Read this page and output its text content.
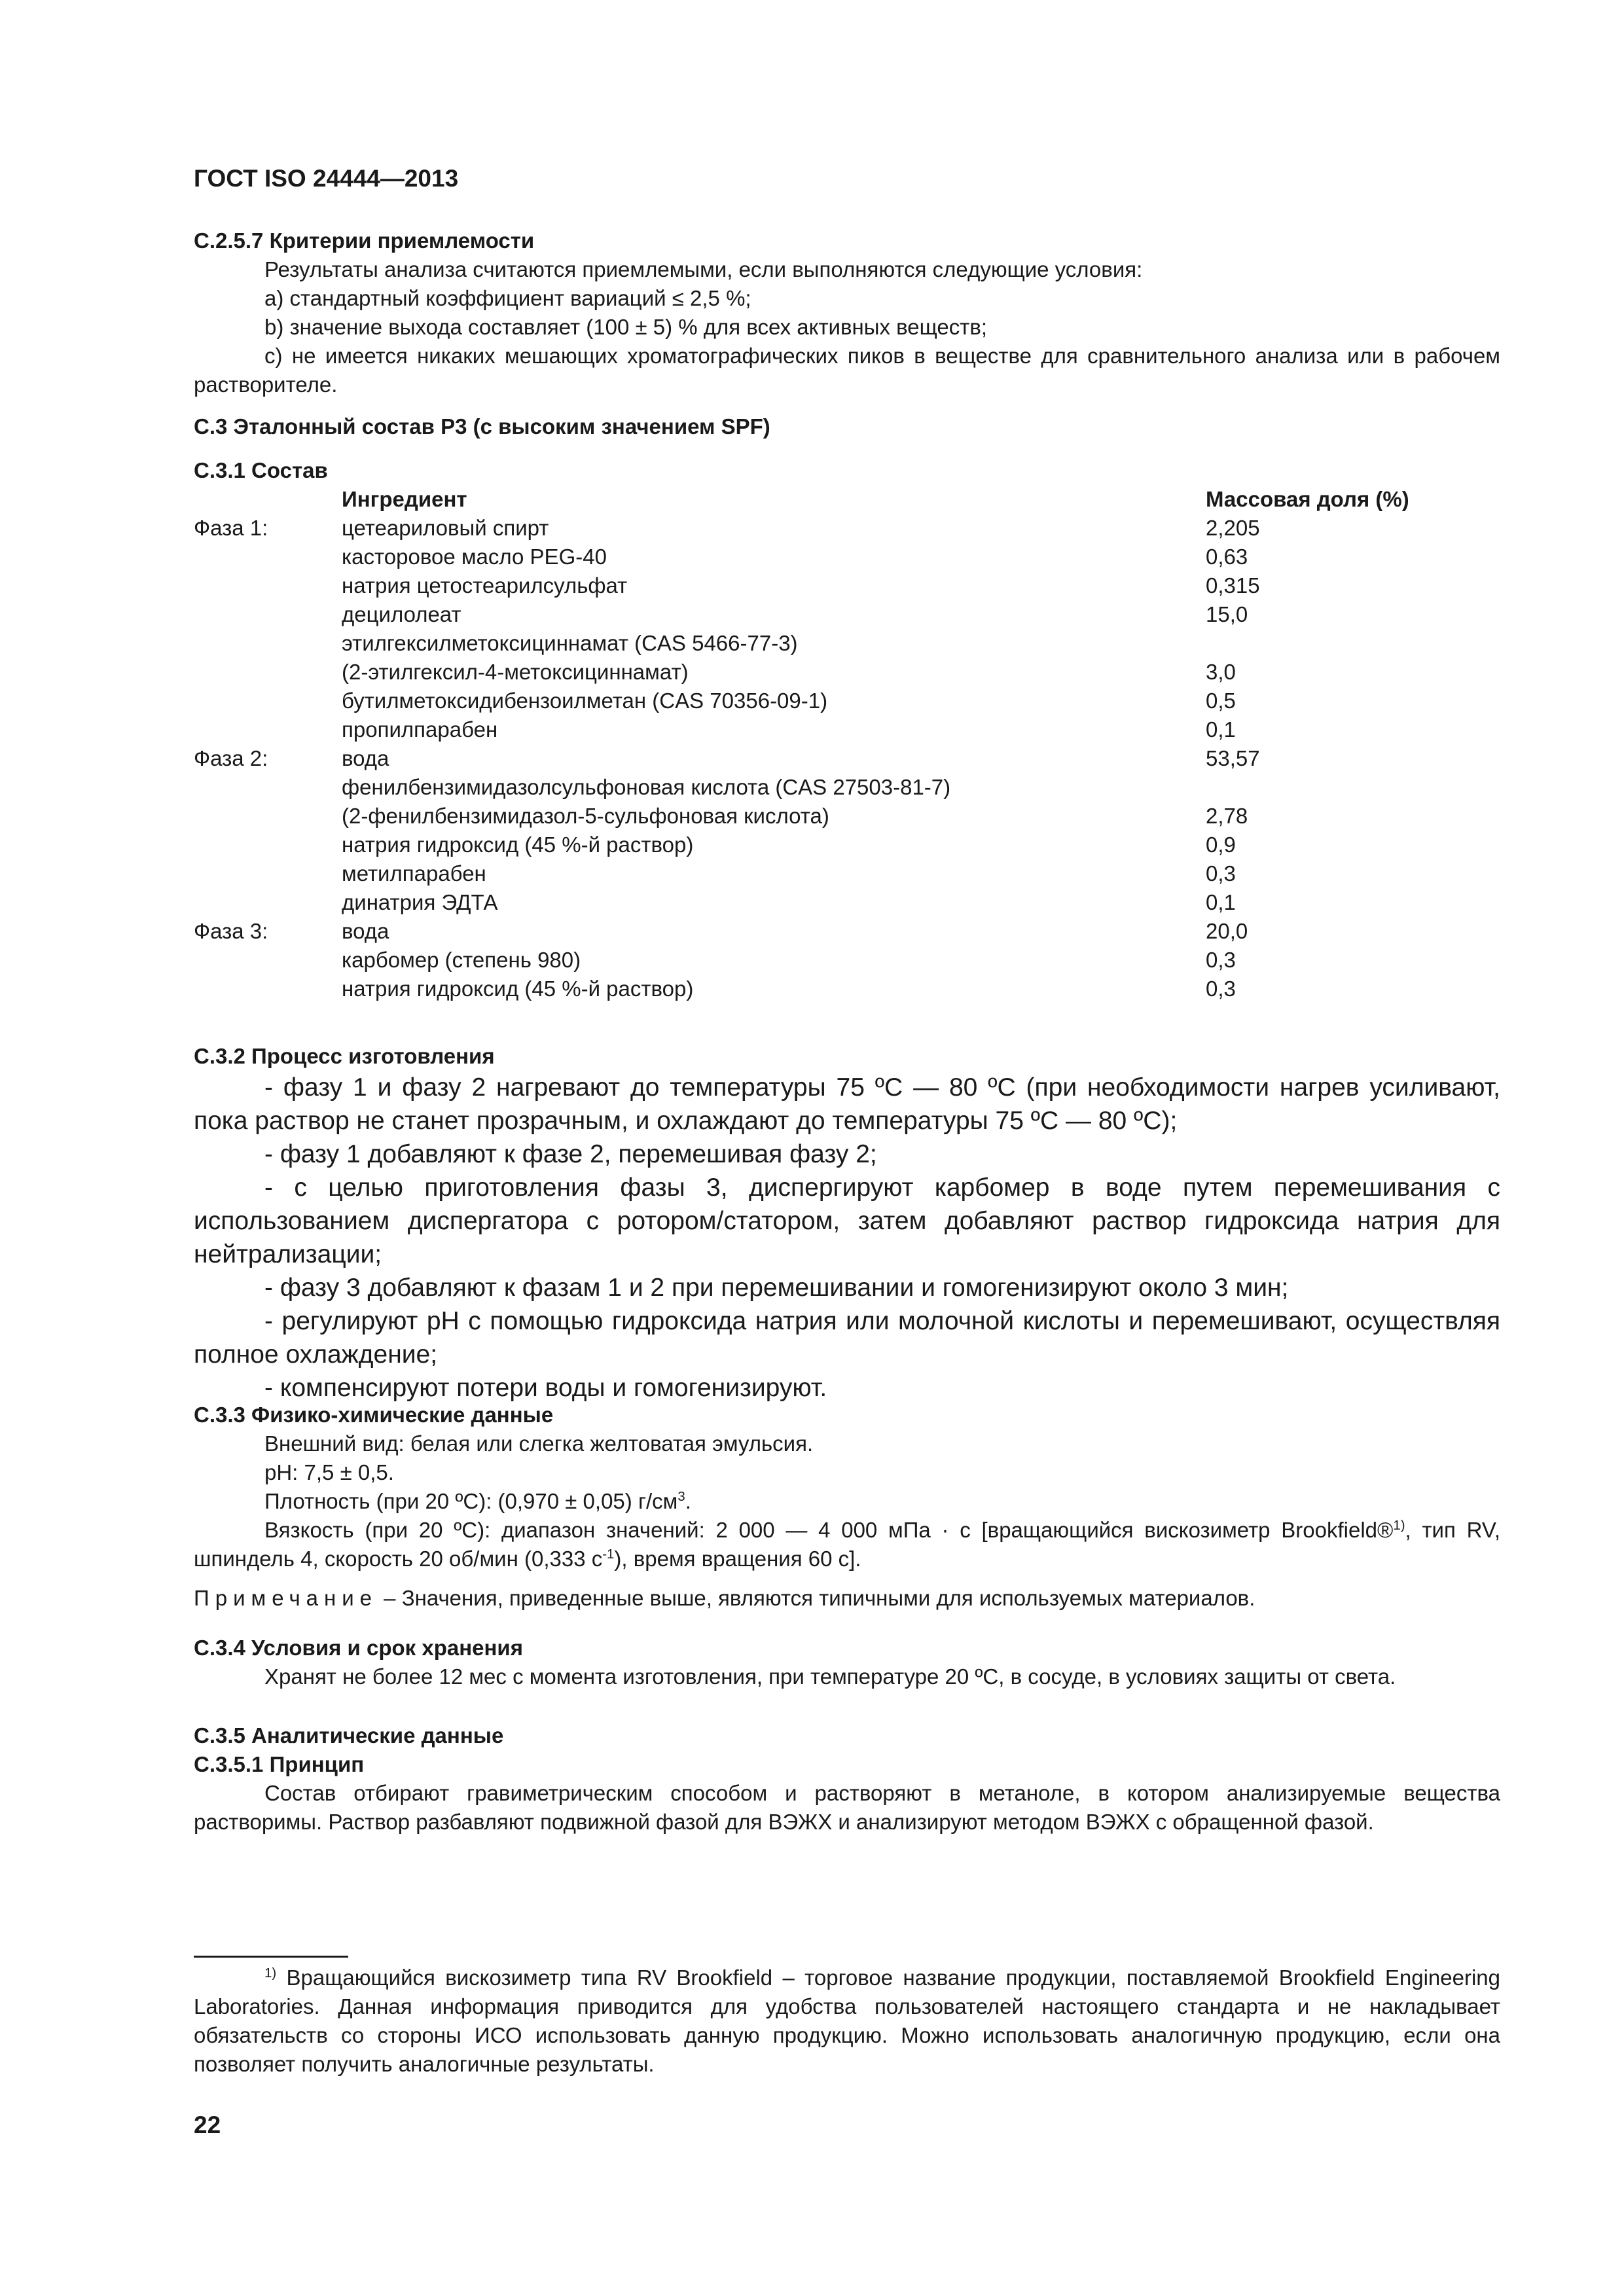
ГОСТ ISO 24444—2013

C.2.5.7 Критерии приемлемости

Результаты анализа считаются приемлемыми, если выполняются следующие условия:

a) стандартный коэффициент вариаций ≤ 2,5 %;

b) значение выхода составляет (100 ± 5) % для всех активных веществ;

c) не имеется никаких мешающих хроматографических пиков в веществе для сравнительного анализа или в рабочем растворителе.

C.3 Эталонный состав P3 (с высоким значением SPF)

C.3.1 Состав

Ингредиент	Массовая доля (%)
Фаза 1:	цетеариловый спирт	2,205
касторовое масло PEG-40	0,63
натрия цетостеарилсульфат	0,315
децилолеат	15,0
этилгексилметоксициннамат (CAS 5466-77-3)
(2-этилгексил-4-метоксициннамат)	3,0
бутилметоксидибензоилметан (CAS 70356-09-1)	0,5
пропилпарабен	0,1
Фаза 2:	вода	53,57
фенилбензимидазолсульфоновая кислота (CAS 27503-81-7)
(2-фенилбензимидазол-5-сульфоновая кислота)	2,78
натрия гидроксид (45 %-й раствор)	0,9
метилпарабен	0,3
динатрия ЭДТА	0,1
Фаза 3:	вода	20,0
карбомер (степень 980)	0,3
натрия гидроксид (45 %-й раствор)	0,3

C.3.2 Процесс изготовления

- фазу 1 и фазу 2 нагревают до температуры 75 ºC — 80 ºC (при необходимости нагрев усиливают, пока раствор не станет прозрачным, и охлаждают до температуры 75 ºC — 80 ºC);

- фазу 1 добавляют к фазе 2, перемешивая фазу 2;

- с целью приготовления фазы 3, диспергируют карбомер в воде путем перемешивания с использованием диспергатора с ротором/статором, затем добавляют раствор гидроксида натрия для нейтрализации;

- фазу 3 добавляют к фазам 1 и 2 при перемешивании и гомогенизируют около 3 мин;

- регулируют pH с помощью гидроксида натрия или молочной кислоты и перемешивают, осуществляя полное охлаждение;

- компенсируют потери воды и гомогенизируют.

C.3.3 Физико-химические данные

Внешний вид: белая или слегка желтоватая эмульсия.

pH: 7,5 ± 0,5.

Плотность (при 20 ºC): (0,970 ± 0,05) $г/см^3$.

Вязкость (при 20 ºC): диапазон значений: 2 000 — 4 000 мПа · с [вращающийся вискозиметр Brookfield®$^{1)}$, тип RV, шпиндель 4, скорость 20 об/мин (0,333 $с^{-1}$), время вращения 60 с].

Примечание – Значения, приведенные выше, являются типичными для используемых материалов.

C.3.4 Условия и срок хранения

Хранят не более 12 мес с момента изготовления, при температуре 20 ºC, в сосуде, в условиях защиты от света.

C.3.5 Аналитические данные

C.3.5.1 Принцип

Состав отбирают гравиметрическим способом и растворяют в метаноле, в котором анализируемые вещества растворимы. Раствор разбавляют подвижной фазой для ВЭЖХ и анализируют методом ВЭЖХ с обращенной фазой.

$^{1)}$ Вращающийся вискозиметр типа RV Brookfield – торговое название продукции, поставляемой Brookfield Engineering Laboratories. Данная информация приводится для удобства пользователей настоящего стандарта и не накладывает обязательств со стороны ИСО использовать данную продукцию. Можно использовать аналогичную продукцию, если она позволяет получить аналогичные результаты.

22
